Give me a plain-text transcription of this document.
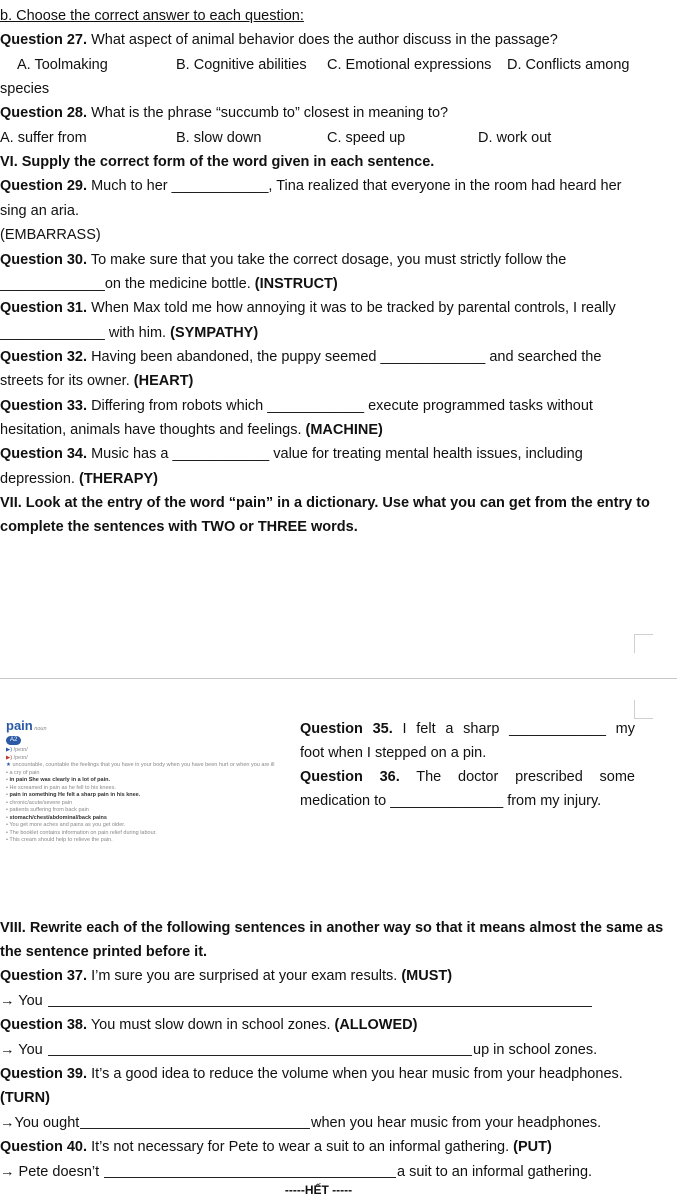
b. Choose the correct answer to each question:
Question 27. What aspect of animal behavior does the author discuss in the passage?
A. Toolmaking	B. Cognitive abilities C. Emotional expressions D. Conflicts among
species
Question 28. What is the phrase “succumb to” closest in meaning to?
A. suffer from	B. slow down	C. speed up	D. work out
VI. Supply the correct form of the word given in each sentence.
Question 29. Much to her ____________, Tina realized that everyone in the room had heard her
sing an aria.
(EMBARRASS)
Question 30. To make sure that you take the correct dosage, you must strictly follow the
_____________on the medicine bottle. (INSTRUCT)
Question 31. When Max told me how annoying it was to be tracked by parental controls, I really
_____________ with him. (SYMPATHY)
Question 32. Having been abandoned, the puppy seemed _____________ and searched the
streets for its owner. (HEART)
Question 33. Differing from robots which ____________ execute programmed tasks without
hesitation, animals have thoughts and feelings. (MACHINE)
Question 34. Music has a ____________ value for treating mental health issues, including
depression. (THERAPY)
VII. Look at the entry of the word “pain” in a dictionary. Use what you can get from the entry to
complete the sentences with TWO or THREE words.
pain noun
A2
▶) /peɪn/
▶) /peɪn/
★ uncountable, countable the feelings that you have in your body when you have been hurt or when you are ill
• a cry of pain
• in pain She was clearly in a lot of pain.
• He screamed in pain as he fell to his knees.
• pain in something He felt a sharp pain in his knee.
• chronic/acute/severe pain
• patients suffering from back pain
• stomach/chest/abdominal/back pains
• You get more aches and pains as you get older.
• The booklet contains information on pain relief during labour.
• This cream should help to relieve the pain.
Question 35. I felt a sharp ____________ my
foot when I stepped on a pin.
Question 36. The doctor prescribed some
medication to ______________ from my injury.
VIII. Rewrite each of the following sentences in another way so that it means almost the same as
the sentence printed before it.
Question 37. I’m sure you are surprised at your exam results. (MUST)
→ You
Question 38. You must slow down in school zones. (ALLOWED)
→ You	up in school zones.
Question 39. It’s a good idea to reduce the volume when you hear music from your headphones.
(TURN)
→You ought	when you hear music from your headphones.
Question 40. It’s not necessary for Pete to wear a suit to an informal gathering. (PUT)
→ Pete doesn’t	a suit to an informal gathering.
-----HẾT -----
